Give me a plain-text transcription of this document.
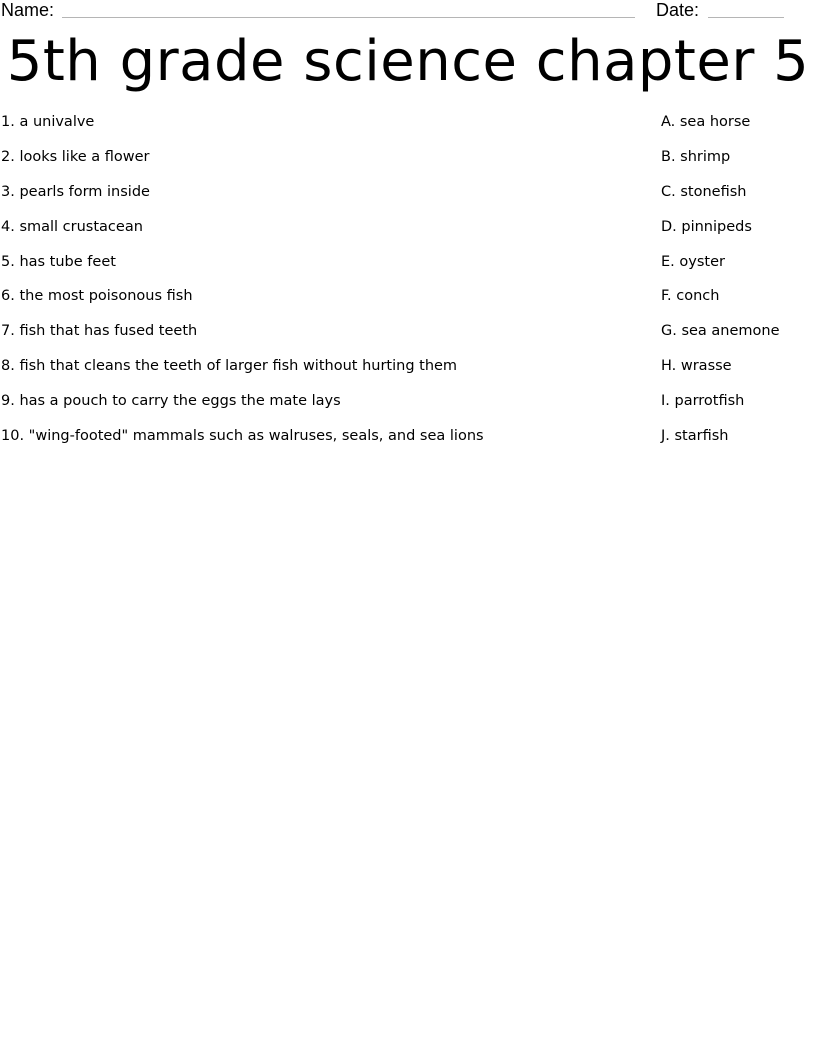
Name:	Date:
5th grade science chapter 5
1. a univalve
2. looks like a flower
3. pearls form inside
4. small crustacean
5. has tube feet
6. the most poisonous fish
7. fish that has fused teeth
8. fish that cleans the teeth of larger fish without hurting them
9. has a pouch to carry the eggs the mate lays
10. "wing-footed" mammals such as walruses, seals, and sea lions
A. sea horse
B. shrimp
C. stonefish
D. pinnipeds
E. oyster
F. conch
G. sea anemone
H. wrasse
I. parrotfish
J. starfish
